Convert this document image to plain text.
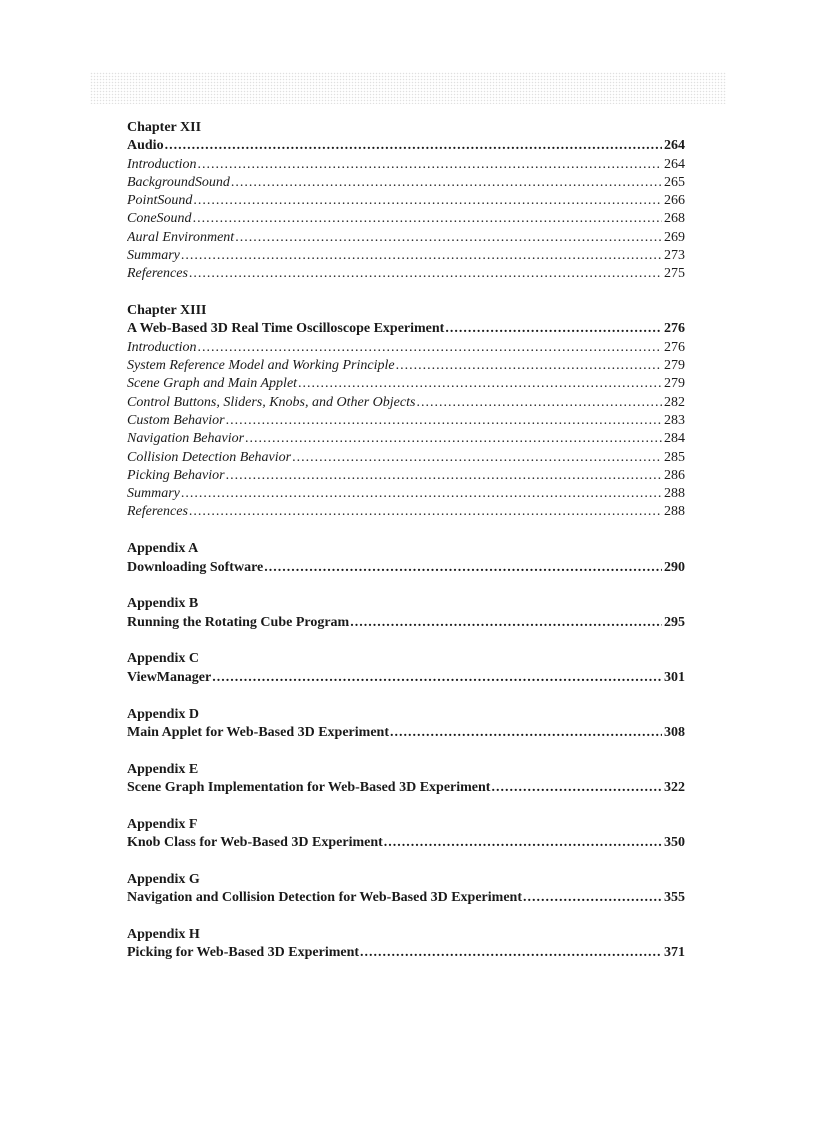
Chapter XII
Audio .....	264
Introduction .....	264
BackgroundSound .....	265
PointSound .....	266
ConeSound .....	268
Aural Environment .....	269
Summary .....	273
References .....	275
Chapter XIII
A Web-Based 3D Real Time Oscilloscope Experiment .....	276
Introduction .....	276
System Reference Model and Working Principle .....	279
Scene Graph and Main Applet .....	279
Control Buttons, Sliders, Knobs, and Other Objects .....	282
Custom Behavior .....	283
Navigation Behavior .....	284
Collision Detection Behavior .....	285
Picking Behavior .....	286
Summary .....	288
References .....	288
Appendix A
Downloading Software .....	290
Appendix B
Running the Rotating Cube Program .....	295
Appendix C
ViewManager .....	301
Appendix D
Main Applet for Web-Based 3D Experiment .....	308
Appendix E
Scene Graph Implementation for Web-Based 3D Experiment .....	322
Appendix F
Knob Class for Web-Based 3D Experiment .....	350
Appendix G
Navigation and Collision Detection for Web-Based 3D Experiment .....	355
Appendix H
Picking for Web-Based 3D Experiment .....	371
